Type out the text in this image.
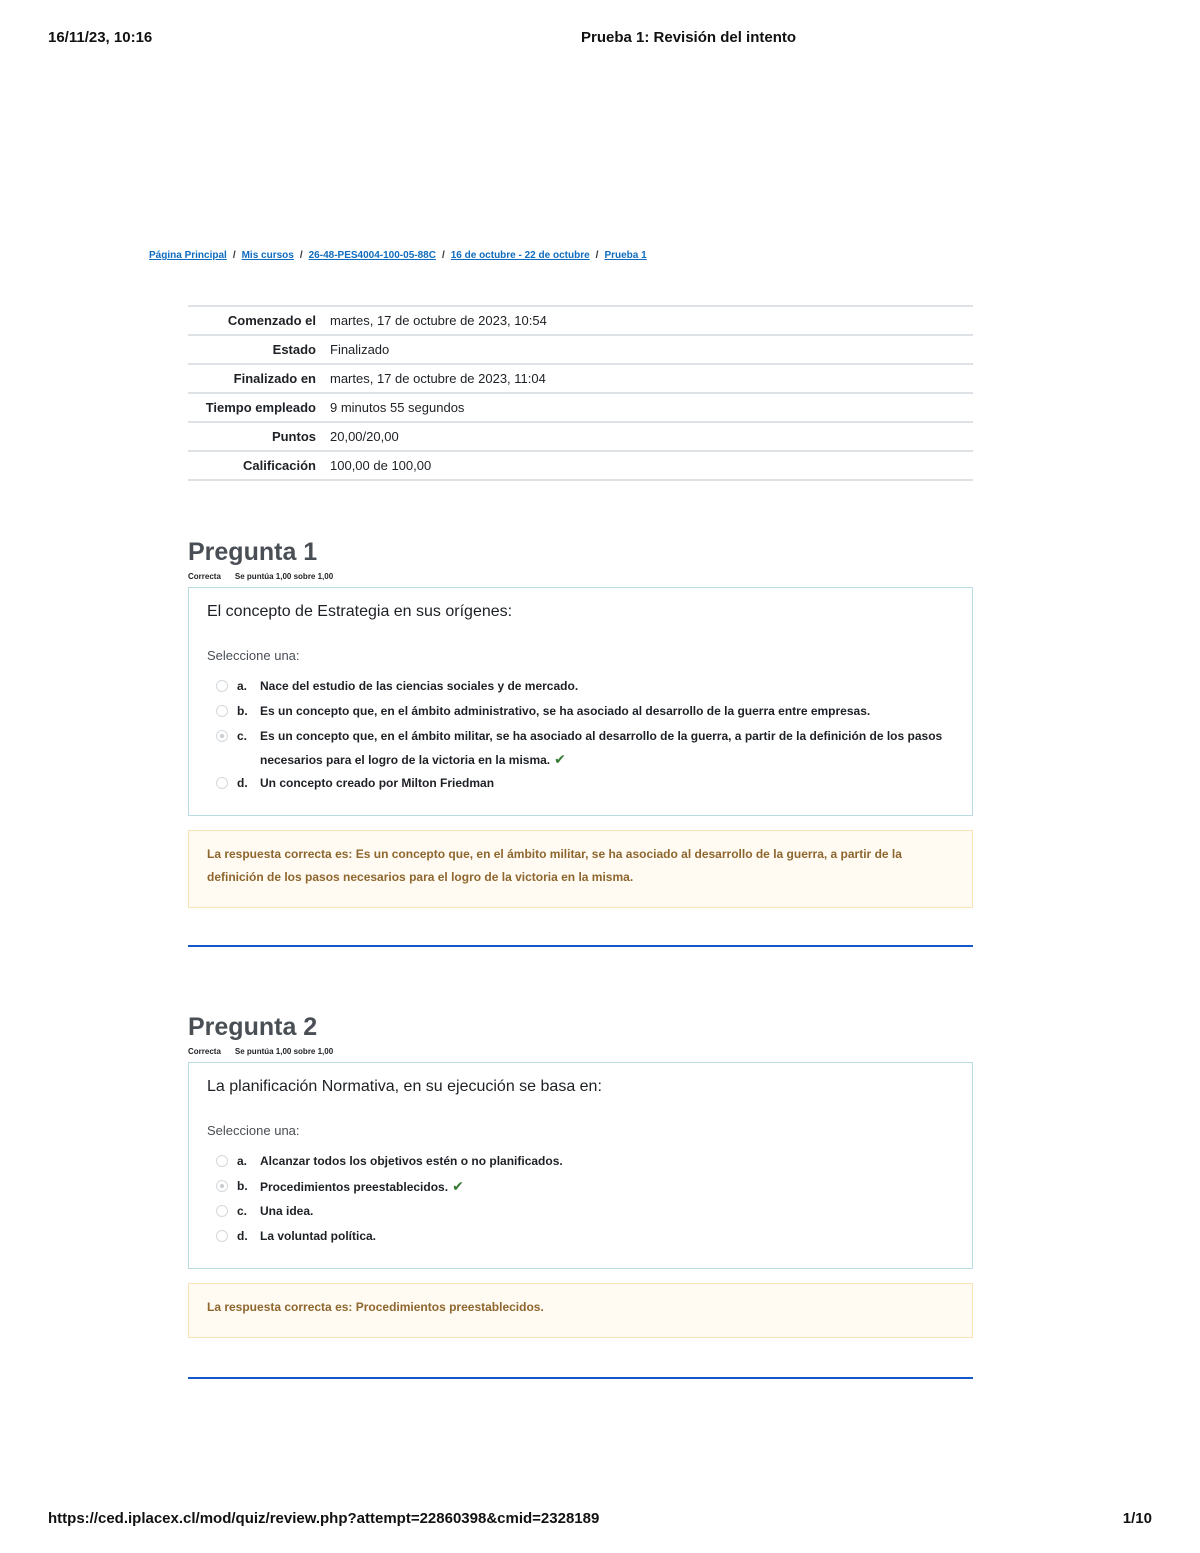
16/11/23, 10:16	Prueba 1: Revisión del intento
Página Principal / Mis cursos / 26-48-PES4004-100-05-88C / 16 de octubre - 22 de octubre / Prueba 1
Comenzado el	martes, 17 de octubre de 2023, 10:54
Estado	Finalizado
Finalizado en	martes, 17 de octubre de 2023, 11:04
Tiempo empleado	9 minutos 55 segundos
Puntos	20,00/20,00
Calificación	100,00 de 100,00
Pregunta 1
Correcta Se puntúa 1,00 sobre 1,00

El concepto de Estrategia en sus orígenes:

Seleccione una:
a. Nace del estudio de las ciencias sociales y de mercado.
b. Es un concepto que, en el ámbito administrativo, se ha asociado al desarrollo de la guerra entre empresas.
c. Es un concepto que, en el ámbito militar, se ha asociado al desarrollo de la guerra, a partir de la definición de los pasos necesarios para el logro de la victoria en la misma. ✔
d. Un concepto creado por Milton Friedman
La respuesta correcta es: Es un concepto que, en el ámbito militar, se ha asociado al desarrollo de la guerra, a partir de la definición de los pasos necesarios para el logro de la victoria en la misma.
Pregunta 2
Correcta Se puntúa 1,00 sobre 1,00

La planificación Normativa, en su ejecución se basa en:

Seleccione una:
a. Alcanzar todos los objetivos estén o no planificados.
b. Procedimientos preestablecidos. ✔
c. Una idea.
d. La voluntad política.
La respuesta correcta es: Procedimientos preestablecidos.
https://ced.iplacex.cl/mod/quiz/review.php?attempt=22860398&cmid=2328189	1/10
